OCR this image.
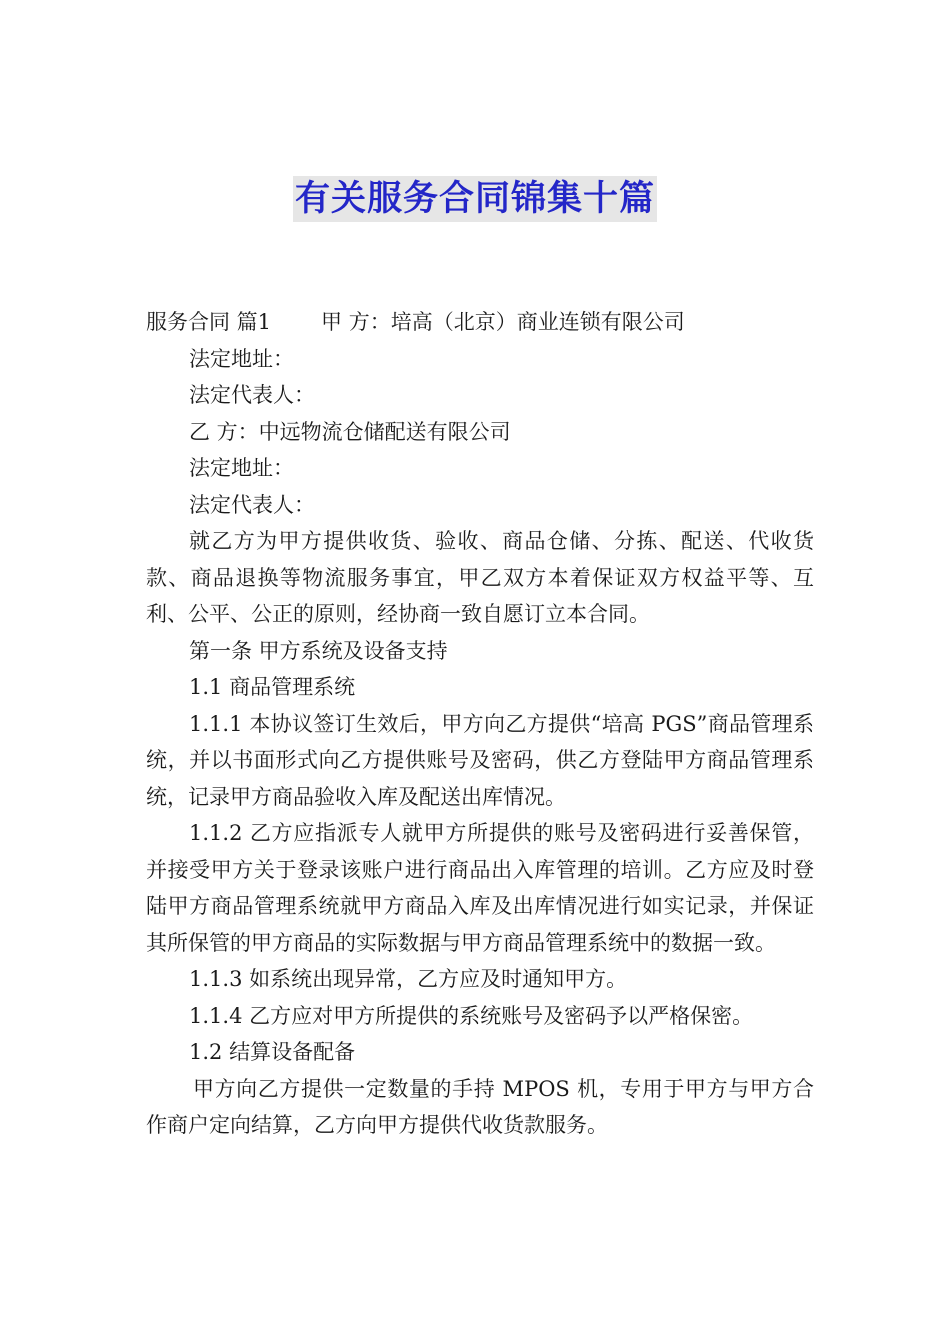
有关服务合同锦集十篇

服务合同 篇1 甲 方：培高（北京）商业连锁有限公司

法定地址：

法定代表人：

乙 方：中远物流仓储配送有限公司

法定地址：

法定代表人：

就乙方为甲方提供收货、验收、商品仓储、分拣、配送、代收货款、商品退换等物流服务事宜，甲乙双方本着保证双方权益平等、互利、公平、公正的原则，经协商一致自愿订立本合同。

第一条 甲方系统及设备支持

1.1 商品管理系统

1.1.1 本协议签订生效后，甲方向乙方提供“培高 PGS”商品管理系统，并以书面形式向乙方提供账号及密码，供乙方登陆甲方商品管理系统，记录甲方商品验收入库及配送出库情况。

1.1.2 乙方应指派专人就甲方所提供的账号及密码进行妥善保管，并接受甲方关于登录该账户进行商品出入库管理的培训。乙方应及时登陆甲方商品管理系统就甲方商品入库及出库情况进行如实记录，并保证其所保管的甲方商品的实际数据与甲方商品管理系统中的数据一致。

1.1.3 如系统出现异常，乙方应及时通知甲方。

1.1.4 乙方应对甲方所提供的系统账号及密码予以严格保密。

1.2 结算设备配备

甲方向乙方提供一定数量的手持 MPOS 机，专用于甲方与甲方合作商户定向结算，乙方向甲方提供代收货款服务。
